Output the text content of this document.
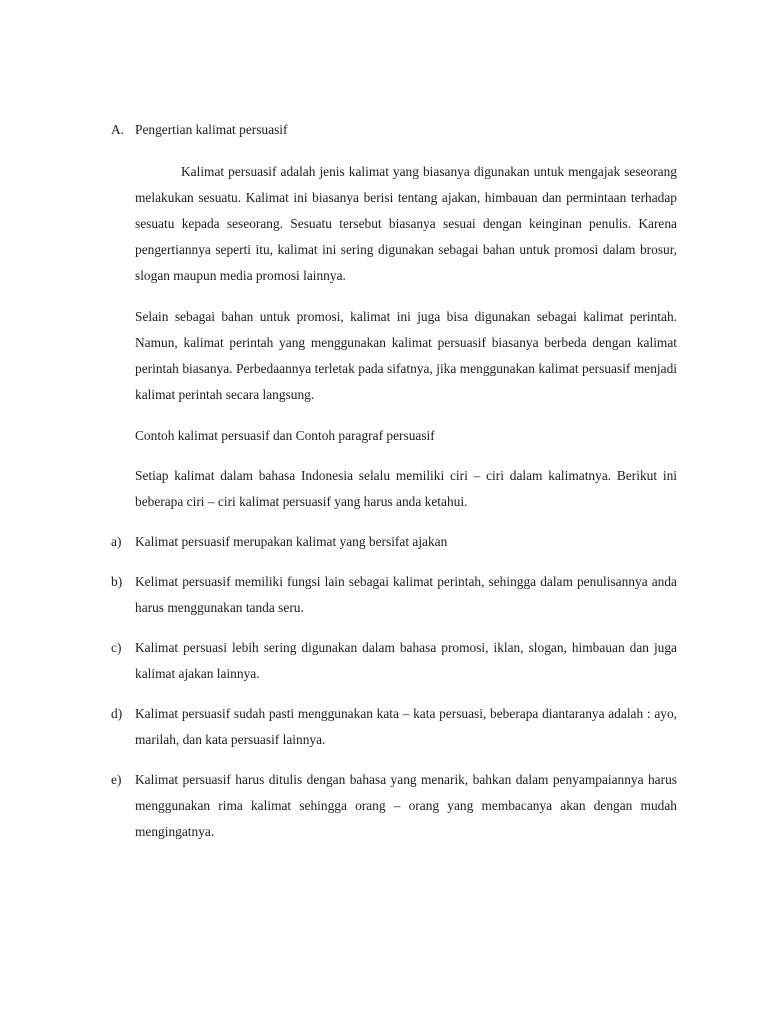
A. Pengertian kalimat persuasif

Kalimat persuasif adalah jenis kalimat yang biasanya digunakan untuk mengajak seseorang melakukan sesuatu. Kalimat ini biasanya berisi tentang ajakan, himbauan dan permintaan terhadap sesuatu kepada seseorang. Sesuatu tersebut biasanya sesuai dengan keinginan penulis. Karena pengertiannya seperti itu, kalimat ini sering digunakan sebagai bahan untuk promosi dalam brosur, slogan maupun media promosi lainnya.

Selain sebagai bahan untuk promosi, kalimat ini juga bisa digunakan sebagai kalimat perintah. Namun, kalimat perintah yang menggunakan kalimat persuasif biasanya berbeda dengan kalimat perintah biasanya. Perbedaannya terletak pada sifatnya, jika menggunakan kalimat persuasif menjadi kalimat perintah secara langsung.

Contoh kalimat persuasif dan Contoh paragraf persuasif

Setiap kalimat dalam bahasa Indonesia selalu memiliki ciri – ciri dalam kalimatnya. Berikut ini beberapa ciri – ciri kalimat persuasif yang harus anda ketahui.

a) Kalimat persuasif merupakan kalimat yang bersifat ajakan

b) Kelimat persuasif memiliki fungsi lain sebagai kalimat perintah, sehingga dalam penulisannya anda harus menggunakan tanda seru.

c) Kalimat persuasi lebih sering digunakan dalam bahasa promosi, iklan, slogan, himbauan dan juga kalimat ajakan lainnya.

d) Kalimat persuasif sudah pasti menggunakan kata – kata persuasi, beberapa diantaranya adalah : ayo, marilah, dan kata persuasif lainnya.

e) Kalimat persuasif harus ditulis dengan bahasa yang menarik, bahkan dalam penyampaiannya harus menggunakan rima kalimat sehingga orang – orang yang membacanya akan dengan mudah mengingatnya.
